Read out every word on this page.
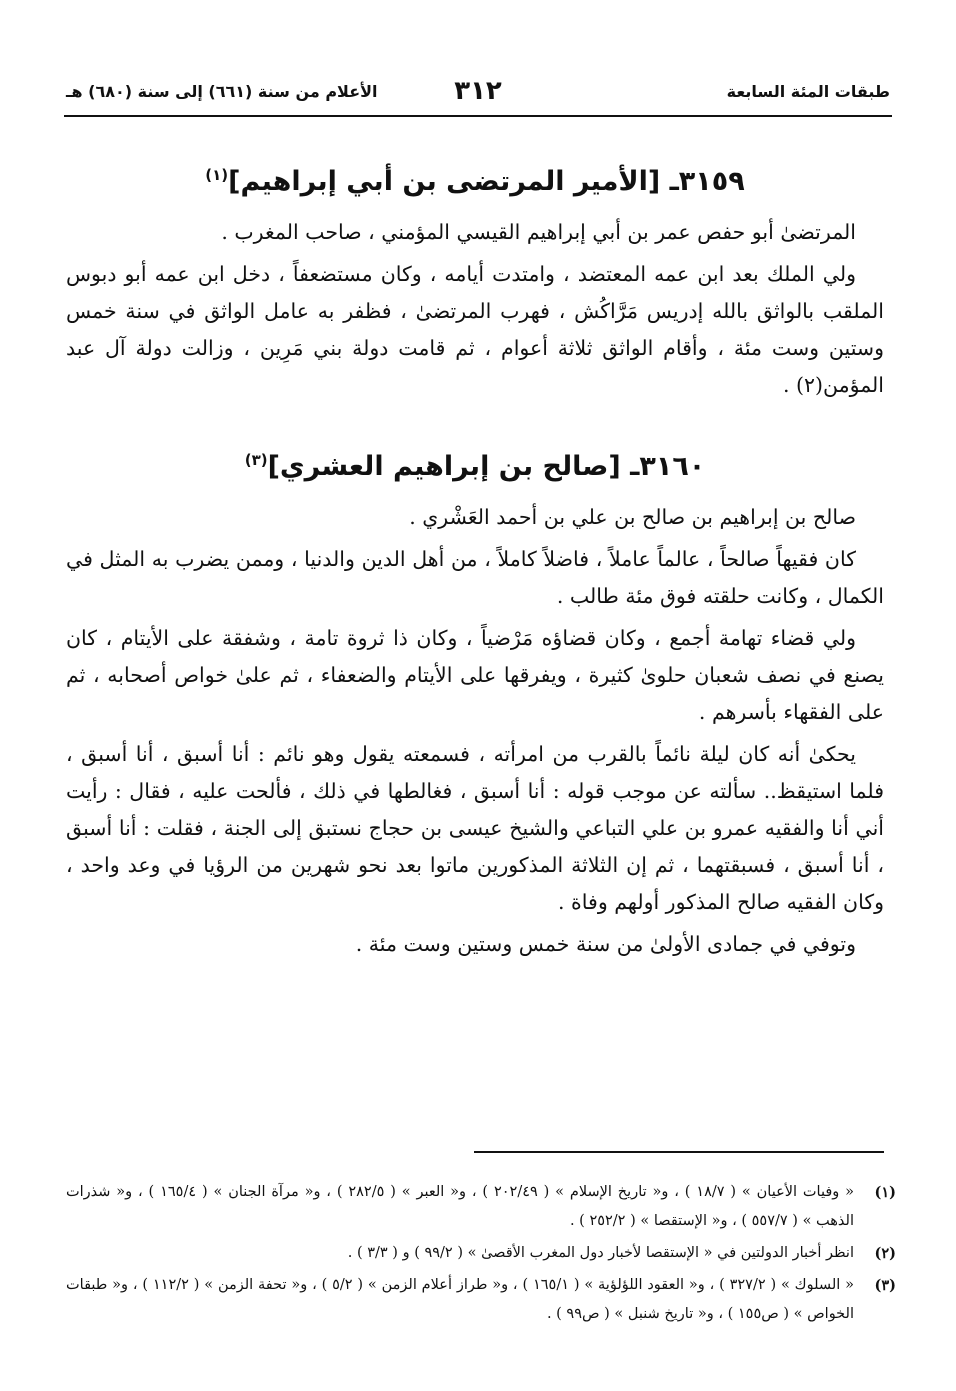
طبقات المئة السابعة
٣١٢
الأعلام من سنة (٦٦١) إلى سنة (٦٨٠) هـ
٣١٥٩ـ [الأمير المرتضى بن أبي إبراهيم]$^{(١)}$

المرتضىٰ أبو حفص عمر بن أبي إبراهيم القيسي المؤمني ، صاحب المغرب .

ولي الملك بعد ابن عمه المعتضد ، وامتدت أيامه ، وكان مستضعفاً ، دخل ابن عمه أبو دبوس الملقب بالواثق بالله إدريس مَرَّاكُش ، فهرب المرتضىٰ ، فظفر به عامل الواثق في سنة خمس وستين وست مئة ، وأقام الواثق ثلاثة أعوام ، ثم قامت دولة بني مَرِين ، وزالت دولة آل عبد المؤمن(٢) .

٣١٦٠ـ [صالح بن إبراهيم العشري]$^{(٣)}$

صالح بن إبراهيم بن صالح بن علي بن أحمد العَشْري .

كان فقيهاً صالحاً ، عالماً عاملاً ، فاضلاً كاملاً ، من أهل الدين والدنيا ، وممن يضرب به المثل في الكمال ، وكانت حلقته فوق مئة طالب .

ولي قضاء تهامة أجمع ، وكان قضاؤه مَرْضياً ، وكان ذا ثروة تامة ، وشفقة على الأيتام ، كان يصنع في نصف شعبان حلوىٰ كثيرة ، ويفرقها على الأيتام والضعفاء ، ثم علىٰ خواص أصحابه ، ثم على الفقهاء بأسرهم .

يحكىٰ أنه كان ليلة نائماً بالقرب من امرأته ، فسمعته يقول وهو نائم : أنا أسبق ، أنا أسبق ، فلما استيقظ.. سألته عن موجب قوله : أنا أسبق ، فغالطها في ذلك ، فألحت عليه ، فقال : رأيت أني أنا والفقيه عمرو بن علي التباعي والشيخ عيسى بن حجاج نستبق إلى الجنة ، فقلت : أنا أسبق ، أنا أسبق ، فسبقتهما ، ثم إن الثلاثة المذكورين ماتوا بعد نحو شهرين من الرؤيا في وعد واحد ، وكان الفقيه صالح المذكور أولهم وفاة .

وتوفي في جمادى الأولىٰ من سنة خمس وستين وست مئة .

(١)
« وفيات الأعيان » ( ١٨/٧ ) ، و« تاريخ الإسلام » ( ٢٠٢/٤٩ ) ، و« العبر » ( ٢٨٢/٥ ) ، و« مرآة الجنان » ( ١٦٥/٤ ) ، و« شذرات الذهب » ( ٥٥٧/٧ ) ، و« الإستقصا » ( ٢٥٢/٢ ) .
(٢)
انظر أخبار الدولتين في « الإستقصا لأخبار دول المغرب الأقصىٰ » ( ٩٩/٢ ) و ( ٣/٣ ) .
(٣)
« السلوك » ( ٣٢٧/٢ ) ، و« العقود اللؤلؤية » ( ١٦٥/١ ) ، و« طراز أعلام الزمن » ( ٥/٢ ) ، و« تحفة الزمن » ( ١١٢/٢ ) ، و« طبقات الخواص » ( ص١٥٥ ) ، و« تاريخ شنبل » ( ص٩٩ ) .
